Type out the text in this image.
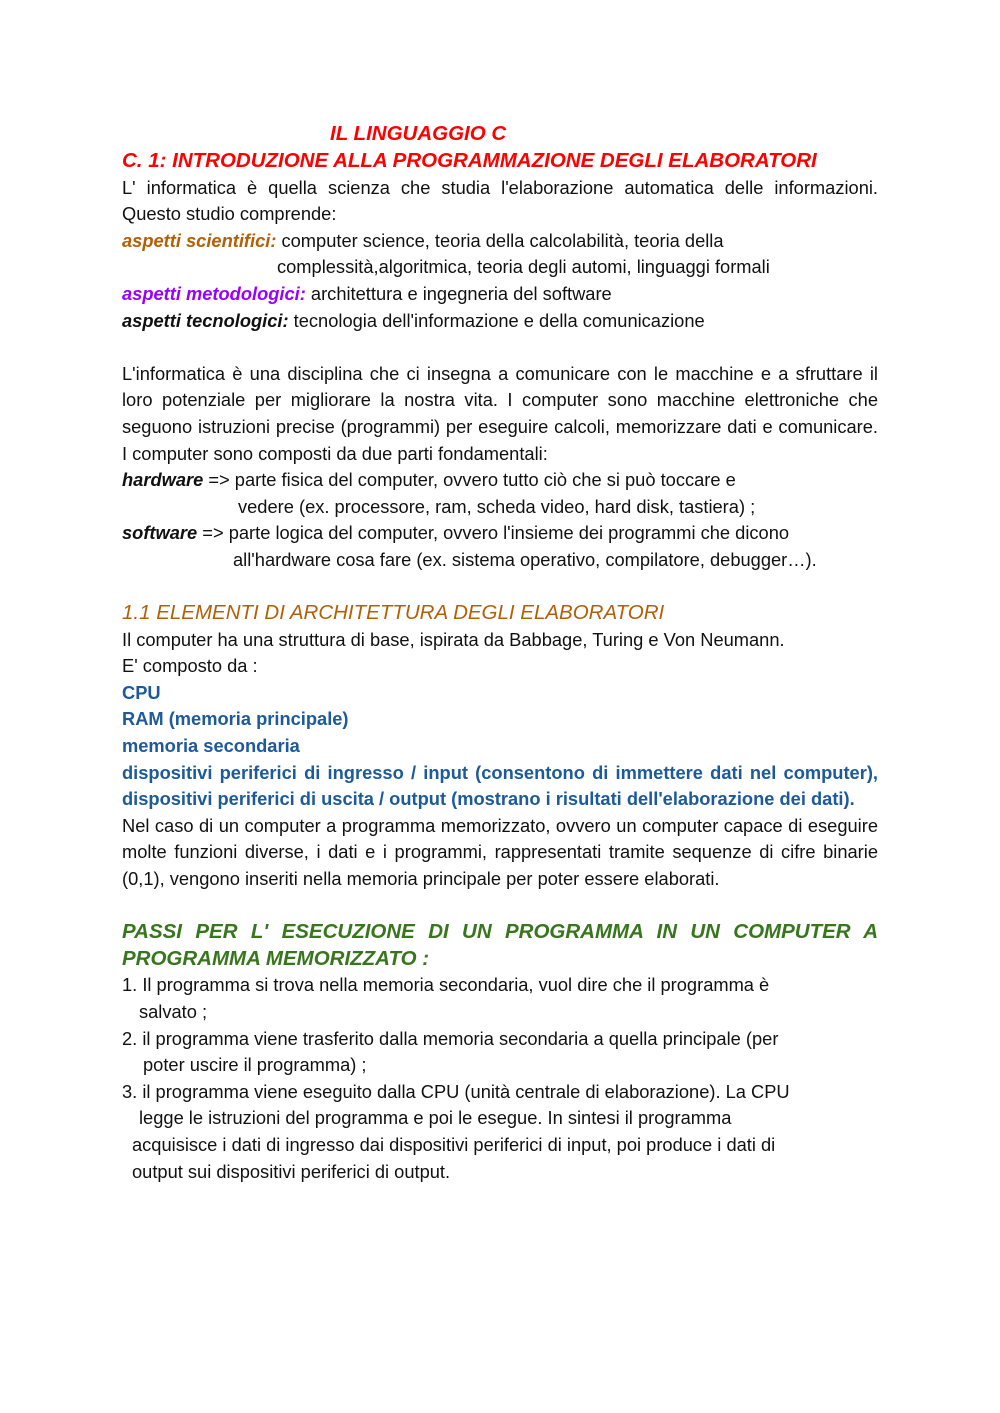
IL LINGUAGGIO C
C. 1: INTRODUZIONE ALLA PROGRAMMAZIONE DEGLI ELABORATORI

L' informatica è quella scienza che studia l'elaborazione automatica delle informazioni. Questo studio comprende:

aspetti scientifici: computer science, teoria della calcolabilità, teoria della
complessità,algoritmica, teoria degli automi, linguaggi formali
aspetti metodologici: architettura e ingegneria del software
aspetti tecnologici: tecnologia dell'informazione e della comunicazione

L'informatica è una disciplina che ci insegna a comunicare con le macchine e a sfruttare il loro potenziale per migliorare la nostra vita. I computer sono macchine elettroniche che seguono istruzioni precise (programmi) per eseguire calcoli, memorizzare dati e comunicare. I computer sono composti da due parti fondamentali:

hardware => parte fisica del computer, ovvero tutto ciò che si può toccare e
vedere (ex. processore, ram, scheda video, hard disk, tastiera) ;
software => parte logica del computer, ovvero l'insieme dei programmi che dicono
all'hardware cosa fare (ex. sistema operativo, compilatore, debugger…).
1.1 ELEMENTI DI ARCHITETTURA DEGLI ELABORATORI
Il computer ha una struttura di base, ispirata da Babbage, Turing e Von Neumann.
E' composto da :
CPU
RAM (memoria principale)
memoria secondaria

dispositivi periferici di ingresso / input (consentono di immettere dati nel computer), dispositivi periferici di uscita / output (mostrano i risultati dell'elaborazione dei dati).

Nel caso di un computer a programma memorizzato, ovvero un computer capace di eseguire molte funzioni diverse, i dati e i programmi, rappresentati tramite sequenze di cifre binarie (0,1), vengono inseriti nella memoria principale per poter essere elaborati.

PASSI PER L' ESECUZIONE DI UN PROGRAMMA IN UN COMPUTER A PROGRAMMA MEMORIZZATO :

1. Il programma si trova nella memoria secondaria, vuol dire che il programma è
salvato ;
2. il programma viene trasferito dalla memoria secondaria a quella principale (per
poter uscire il programma) ;
3. il programma viene eseguito dalla CPU (unità centrale di elaborazione). La CPU
legge le istruzioni del programma e poi le esegue. In sintesi il programma
acquisisce i dati di ingresso dai dispositivi periferici di input, poi produce i dati di
output sui dispositivi periferici di output.
